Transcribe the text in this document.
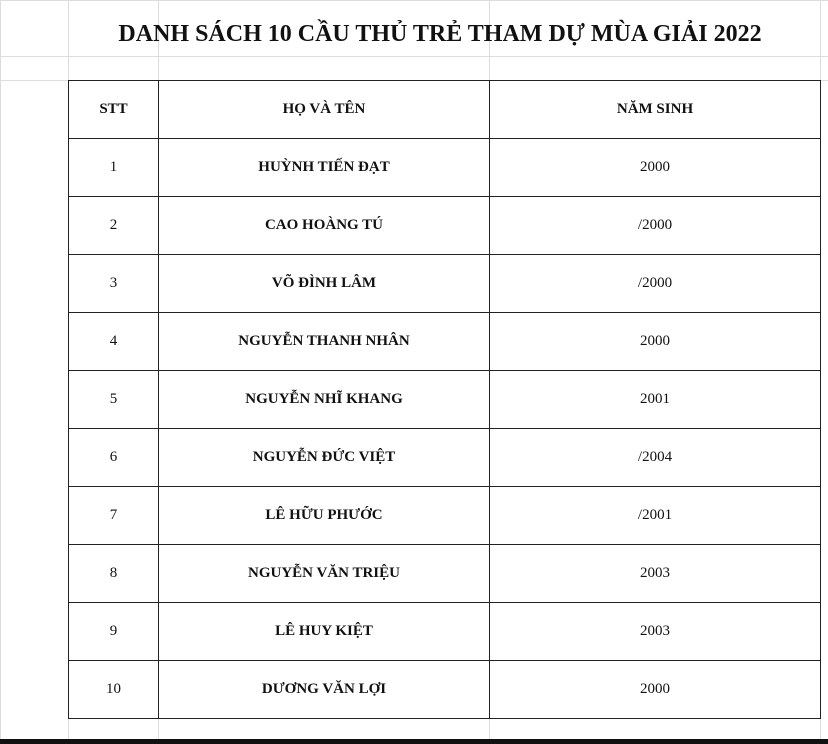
DANH SÁCH 10 CẦU THỦ TRẺ THAM DỰ MÙA GIẢI 2022
STT	HỌ VÀ TÊN	NĂM SINH
1	HUỲNH TIẾN ĐẠT	2000
2	CAO HOÀNG TÚ	/2000
3	VÕ ĐÌNH LÂM	/2000
4	NGUYỄN THANH NHÂN	2000
5	NGUYỄN NHĨ KHANG	2001
6	NGUYỄN ĐỨC VIỆT	/2004
7	LÊ HỮU PHƯỚC	/2001
8	NGUYỄN VĂN TRIỆU	2003
9	LÊ HUY KIỆT	2003
10	DƯƠNG VĂN LỢI	2000
